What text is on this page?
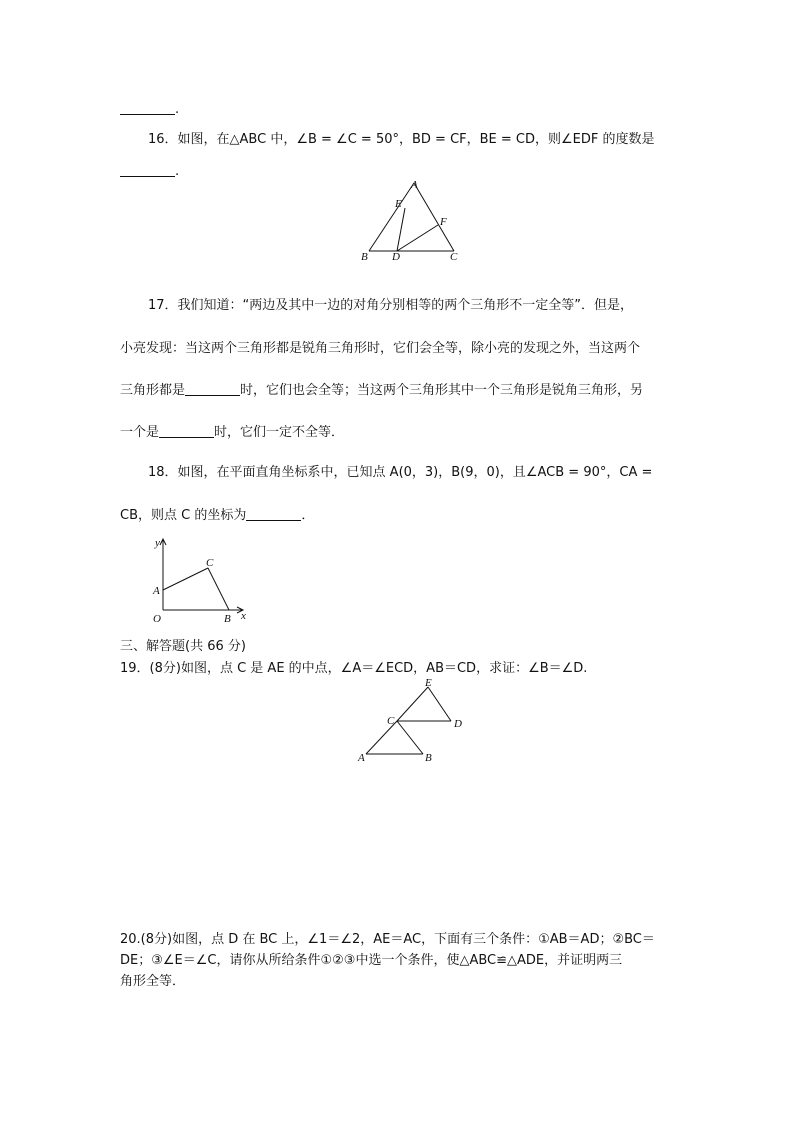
.
16．如图，在△ABC 中，∠B = ∠C = 50°，BD = CF，BE = CD，则∠EDF 的度数是
.
A
B	C
D
E
F
17．我们知道：“两边及其中一边的对角分别相等的两个三角形不一定全等”．但是，
小亮发现：当这两个三角形都是锐角三角形时，它们会全等，除小亮的发现之外，当这两个
三角形都是	时，它们也会全等；当这两个三角形其中一个三角形是锐角三角形，另
一个是	时，它们一定不全等．
18．如图，在平面直角坐标系中，已知点 A(0，3)，B(9，0)，且∠ACB = 90°，CA =
CB，则点 C 的坐标为	．
y
x
O
A
B
C
三、解答题(共 66 分)
19．(8分)如图，点 C 是 AE 的中点，∠A＝∠ECD，AB＝CD，求证：∠B＝∠D.
A	B
C	D
E
20.(8分)如图，点 D 在 BC 上，∠1＝∠2，AE＝AC，下面有三个条件：①AB＝AD；②BC＝
DE；③∠E＝∠C，请你从所给条件①②③中选一个条件，使△ABC≌△ADE，并证明两三
角形全等．
